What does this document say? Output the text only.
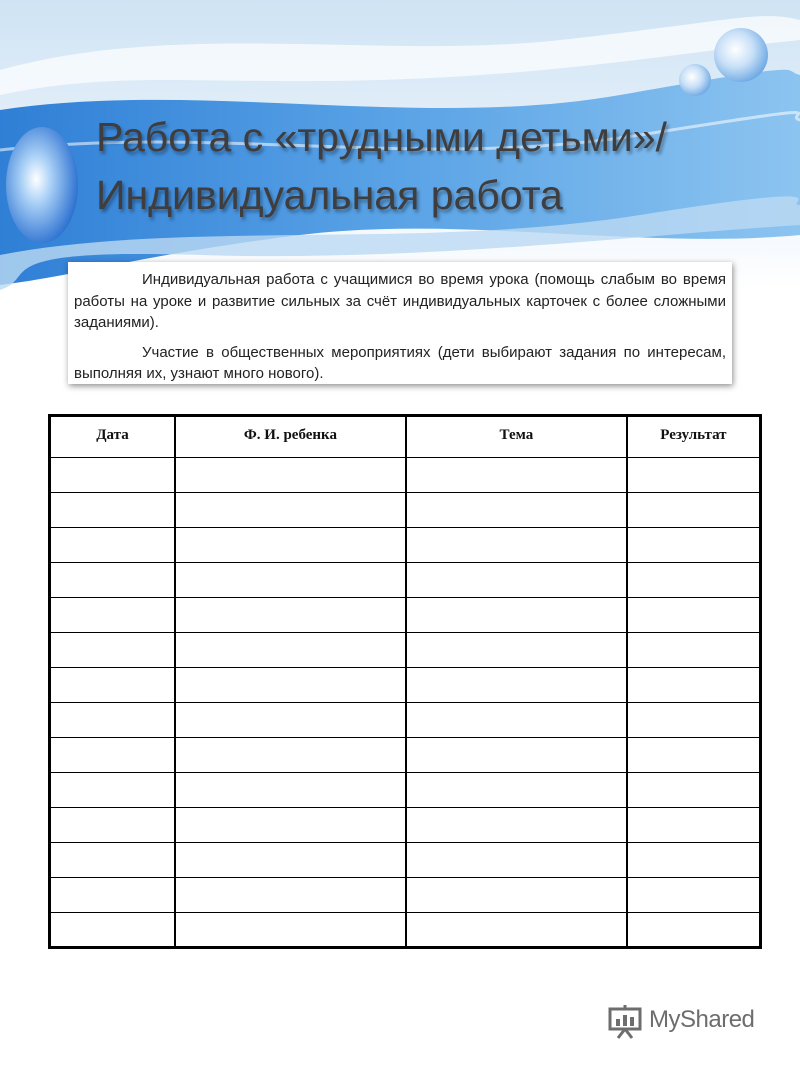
Работа с «трудными детьми»/Индивидуальная работа

Индивидуальная работа с учащимися во время урока (помощь слабым во время работы на уроке и развитие сильных за счёт индивидуальных карточек с более сложными заданиями).

Участие в общественных мероприятиях (дети выбирают задания по интересам, выполняя их, узнают много нового).

Дата	Ф. И. ребенка	Тема	Результат

MyShared
